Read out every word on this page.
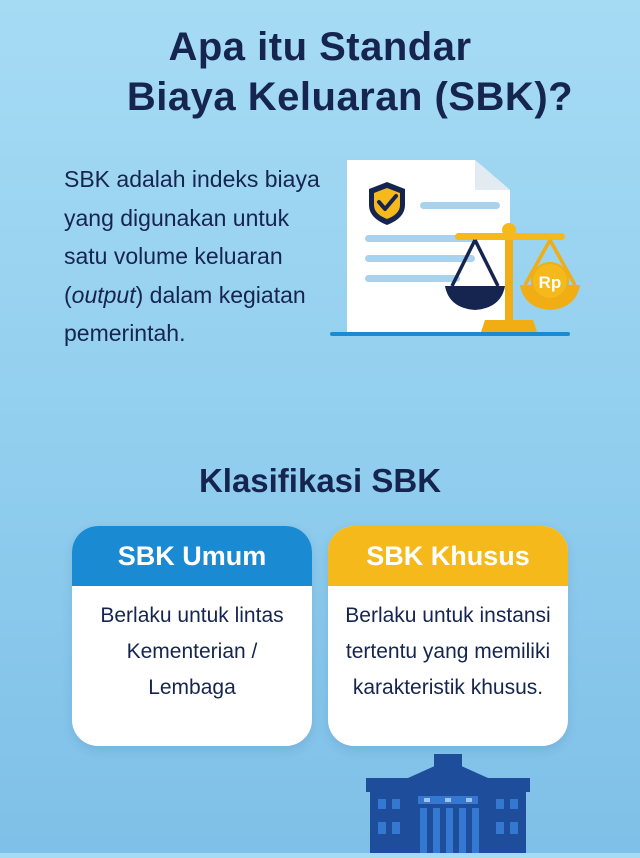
Apa itu Standar
Biaya Keluaran (SBK)?
SBK adalah indeks biaya yang digunakan untuk satu volume keluaran (output) dalam kegiatan pemerintah.
Rp
Klasifikasi SBK
SBK Umum
Berlaku untuk lintas Kementerian / Lembaga
SBK Khusus
Berlaku untuk instansi tertentu yang memiliki karakteristik khusus.
